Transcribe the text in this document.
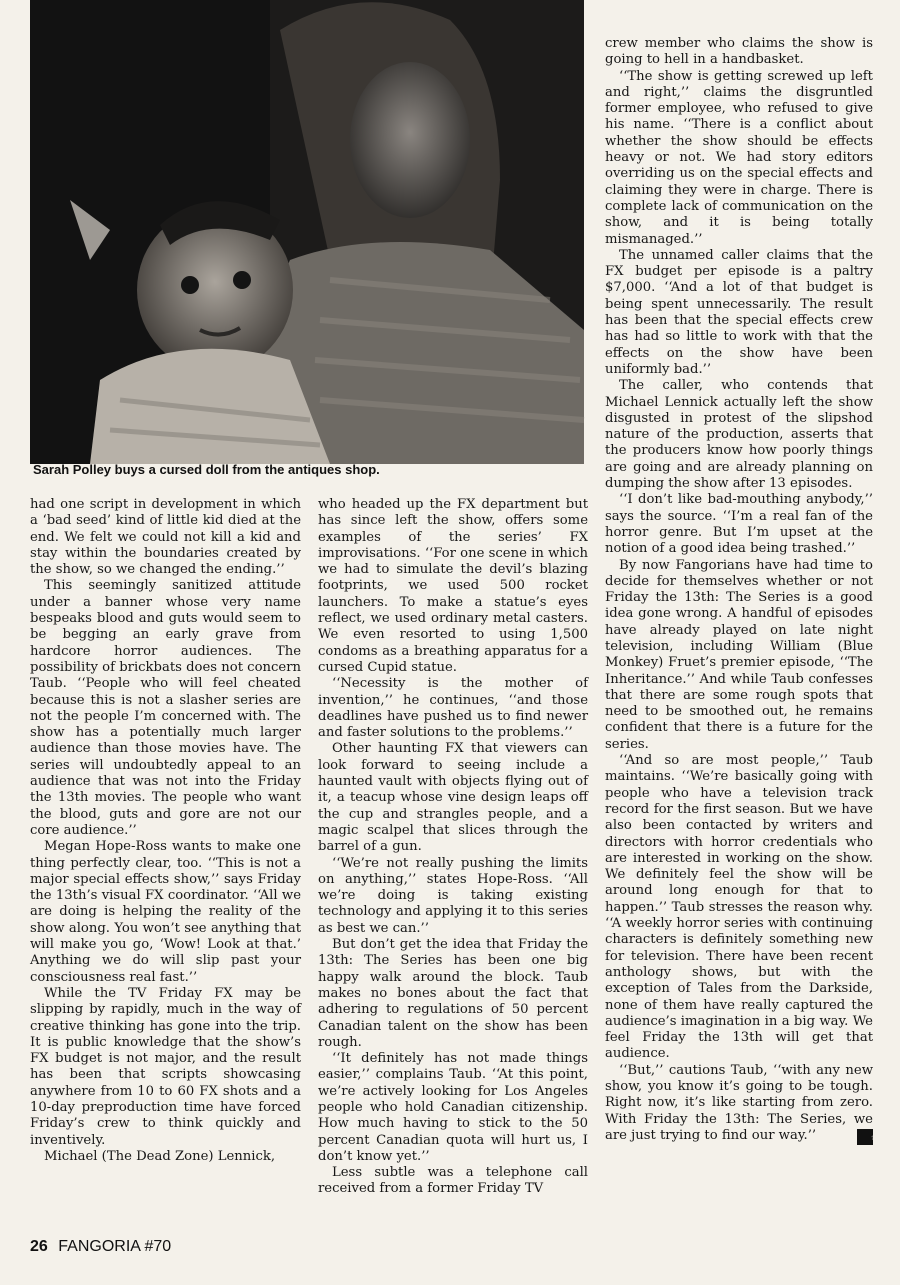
Sarah Polley buys a cursed doll from the antiques shop.

had one script in development in which a ‘bad seed’ kind of little kid died at the end. We felt we could not kill a kid and stay within the boundaries created by the show, so we changed the ending.’’

This seemingly sanitized attitude under a banner whose very name bespeaks blood and guts would seem to be begging an early grave from hardcore horror audiences. The possibility of brickbats does not concern Taub. ‘‘People who will feel cheated because this is not a slasher series are not the people I’m concerned with. The show has a potentially much larger audience than those movies have. The series will undoubtedly appeal to an audience that was not into the Friday the 13th movies. The people who want the blood, guts and gore are not our core audience.’’

Megan Hope-Ross wants to make one thing perfectly clear, too. ‘‘This is not a major special effects show,’’ says Friday the 13th’s visual FX coordinator. ‘‘All we are doing is helping the reality of the show along. You won’t see anything that will make you go, ‘Wow! Look at that.’ Anything we do will slip past your consciousness real fast.’’

While the TV Friday FX may be slipping by rapidly, much in the way of creative thinking has gone into the trip. It is public knowledge that the show’s FX budget is not major, and the result has been that scripts showcasing anywhere from 10 to 60 FX shots and a 10-day preproduction time have forced Friday’s crew to think quickly and inventively.

Michael (The Dead Zone) Lennick,

who headed up the FX department but has since left the show, offers some examples of the series’ FX improvisations. ‘‘For one scene in which we had to simulate the devil’s blazing footprints, we used 500 rocket launchers. To make a statue’s eyes reflect, we used ordinary metal casters. We even resorted to using 1,500 condoms as a breathing apparatus for a cursed Cupid statue.

‘‘Necessity is the mother of invention,’’ he continues, ‘‘and those deadlines have pushed us to find newer and faster solutions to the problems.’’

Other haunting FX that viewers can look forward to seeing include a haunted vault with objects flying out of it, a teacup whose vine design leaps off the cup and strangles people, and a magic scalpel that slices through the barrel of a gun.

‘‘We’re not really pushing the limits on anything,’’ states Hope-Ross. ‘‘All we’re doing is taking existing technology and applying it to this series as best we can.’’

But don’t get the idea that Friday the 13th: The Series has been one big happy walk around the block. Taub makes no bones about the fact that adhering to regulations of 50 percent Canadian talent on the show has been rough.

‘‘It definitely has not made things easier,’’ complains Taub. ‘‘At this point, we’re actively looking for Los Angeles people who hold Canadian citizenship. How much having to stick to the 50 percent Canadian quota will hurt us, I don’t know yet.’’

Less subtle was a telephone call received from a former Friday TV

crew member who claims the show is going to hell in a handbasket.

‘‘The show is getting screwed up left and right,’’ claims the disgruntled former employee, who refused to give his name. ‘‘There is a conflict about whether the show should be effects heavy or not. We had story editors overriding us on the special effects and claiming they were in charge. There is complete lack of communication on the show, and it is being totally mismanaged.’’

The unnamed caller claims that the FX budget per episode is a paltry $7,000. ‘‘And a lot of that budget is being spent unnecessarily. The result has been that the special effects crew has had so little to work with that the effects on the show have been uniformly bad.’’

The caller, who contends that Michael Lennick actually left the show disgusted in protest of the slipshod nature of the production, asserts that the producers know how poorly things are going and are already planning on dumping the show after 13 episodes.

‘‘I don’t like bad-mouthing anybody,’’ says the source. ‘‘I’m a real fan of the horror genre. But I’m upset at the notion of a good idea being trashed.’’

By now Fangorians have had time to decide for themselves whether or not Friday the 13th: The Series is a good idea gone wrong. A handful of episodes have already played on late night television, including William (Blue Monkey) Fruet’s premier episode, ‘‘The Inheritance.’’ And while Taub confesses that there are some rough spots that need to be smoothed out, he remains confident that there is a future for the series.

‘‘And so are most people,’’ Taub maintains. ‘‘We’re basically going with people who have a television track record for the first season. But we have also been contacted by writers and directors with horror credentials who are interested in working on the show. We definitely feel the show will be around long enough for that to happen.’’ Taub stresses the reason why. ‘‘A weekly horror series with continuing characters is definitely something new for television. There have been recent anthology shows, but with the exception of Tales from the Darkside, none of them have really captured the audience’s imagination in a big way. We feel Friday the 13th will get that audience.

‘‘But,’’ cautions Taub, ‘‘with any new show, you know it’s going to be tough. Right now, it’s like starting from zero. With Friday the 13th: The Series, we are just trying to find our way.’’	☠

26 FANGORIA #70
